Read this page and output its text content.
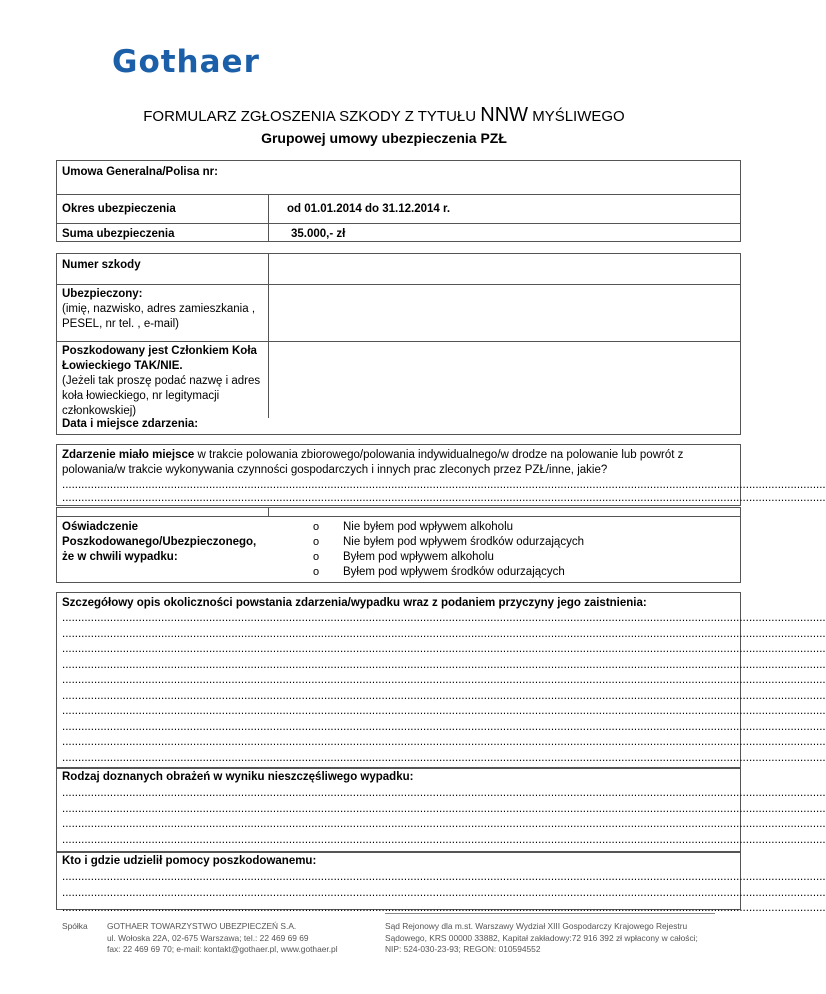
Gothaer
FORMULARZ ZGŁOSZENIA SZKODY Z TYTUŁU NNW MYŚLIWEGO
Grupowej umowy ubezpieczenia PZŁ
Umowa Generalna/Polisa nr:
Okres ubezpieczenia	od 01.01.2014 do 31.12.2014 r.
Suma ubezpieczenia	35.000,- zł
Numer szkody
Ubezpieczony:
(imię, nazwisko, adres zamieszkania , PESEL, nr tel. , e-mail)
Poszkodowany jest Członkiem Koła Łowieckiego TAK/NIE.
(Jeżeli tak proszę podać nazwę i adres koła łowieckiego, nr legitymacji członkowskiej)
Data i miejsce zdarzenia:
Zdarzenie miało miejsce w trakcie polowania zbiorowego/polowania indywidualnego/w drodze na polowanie lub powrót z polowania/w trakcie wykonywania czynności gospodarczych i innych prac zleconych przez PZŁ/inne, jakie?
...............................................................................................................................................................................................................................................
...............................................................................................................................................................................................................................................
Oświadczenie Poszkodowanego/Ubezpieczonego, że w chwili wypadku:
o	Nie byłem pod wpływem alkoholu
o	Nie byłem pod wpływem środków odurzających
o	Byłem pod wpływem alkoholu
o	Byłem pod wpływem środków odurzających
Szczegółowy opis okoliczności powstania zdarzenia/wypadku wraz z podaniem przyczyny jego zaistnienia:
...............................................................................................................................................................................................................................................
...............................................................................................................................................................................................................................................
...............................................................................................................................................................................................................................................
...............................................................................................................................................................................................................................................
...............................................................................................................................................................................................................................................
...............................................................................................................................................................................................................................................
...............................................................................................................................................................................................................................................
...............................................................................................................................................................................................................................................
...............................................................................................................................................................................................................................................
...............................................................................................................................................................................................................................................
Rodzaj doznanych obrażeń w wyniku nieszczęśliwego wypadku:
...............................................................................................................................................................................................................................................
...............................................................................................................................................................................................................................................
...............................................................................................................................................................................................................................................
...............................................................................................................................................................................................................................................
Kto i gdzie udzielił pomocy poszkodowanemu:
...............................................................................................................................................................................................................................................
...............................................................................................................................................................................................................................................
...............................................................................................................................................................................................................................................
Spółka GOTHAER TOWARZYSTWO UBEZPIECZEŃ S.A.
ul. Wołoska 22A, 02-675 Warszawa; tel.: 22 469 69 69
fax: 22 469 69 70; e-mail: kontakt@gothaer.pl, www.gothaer.pl
Sąd Rejonowy dla m.st. Warszawy Wydział XIII Gospodarczy Krajowego Rejestru
Sądowego, KRS 00000 33882, Kapitał zakładowy:72 916 392 zł wpłacony w całości;
NIP: 524-030-23-93; REGON: 010594552
